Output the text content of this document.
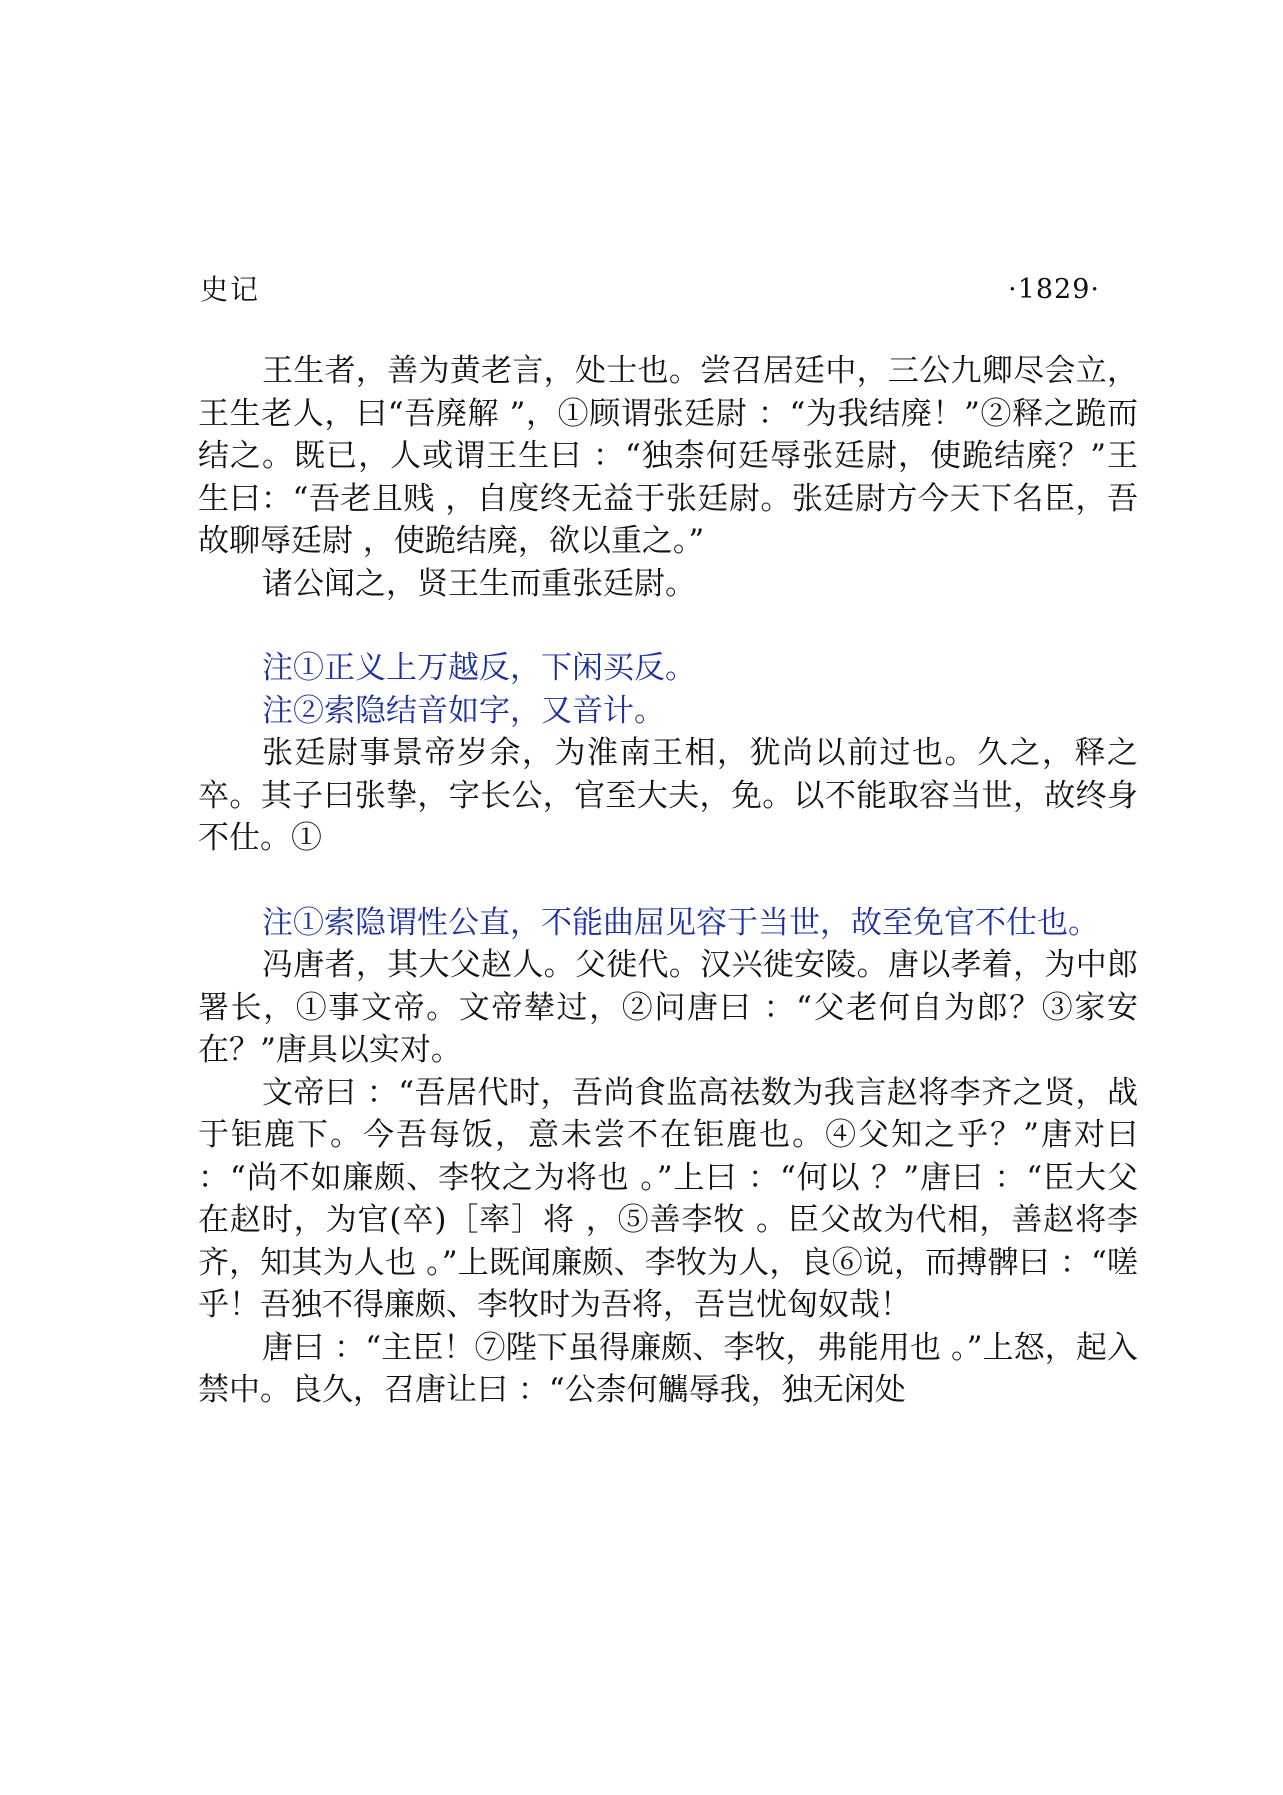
史记	·1829·

王生者，善为黄老言，处士也。尝召居廷中，三公九卿尽会立，王生老人，曰“吾廃解 ”，①顾谓张廷尉 ：“为我结廃！”②释之跪而结之。既已，人或谓王生曰 ：“独柰何廷辱张廷尉，使跪结廃？”王生曰：“吾老且贱 ，自度终无益于张廷尉。张廷尉方今天下名臣，吾故聊辱廷尉 ，使跪结廃，欲以重之。”

诸公闻之，贤王生而重张廷尉。

注①正义上万越反，下闲买反。

注②索隐结音如字，又音计。

张廷尉事景帝岁余，为淮南王相，犹尚以前过也。久之，释之卒。其子曰张挚，字长公，官至大夫，免。以不能取容当世，故终身不仕。①

注①索隐谓性公直，不能曲屈见容于当世，故至免官不仕也。

冯唐者，其大父赵人。父徙代。汉兴徙安陵。唐以孝着，为中郎署长，①事文帝。文帝辇过，②问唐曰 ：“父老何自为郎？③家安在？”唐具以实对。

文帝曰 ：“吾居代时，吾尚食监高祛数为我言赵将李齐之贤，战于钜鹿下。今吾每饭，意未尝不在钜鹿也。④父知之乎？”唐对曰 ：“尚不如廉颇、李牧之为将也 。”上曰 ：“何以 ？”唐曰 ：“臣大父在赵时，为官(卒)［率］将 ，⑤善李牧 。臣父故为代相，善赵将李齐，知其为人也 。”上既闻廉颇、李牧为人，良⑥说，而搏髀曰 ：“嗟乎！吾独不得廉颇、李牧时为吾将，吾岂忧匈奴哉！

唐曰 ：“主臣！⑦陛下虽得廉颇、李牧，弗能用也 。”上怒，起入禁中。良久，召唐让曰 ：“公柰何觽辱我，独无闲处
